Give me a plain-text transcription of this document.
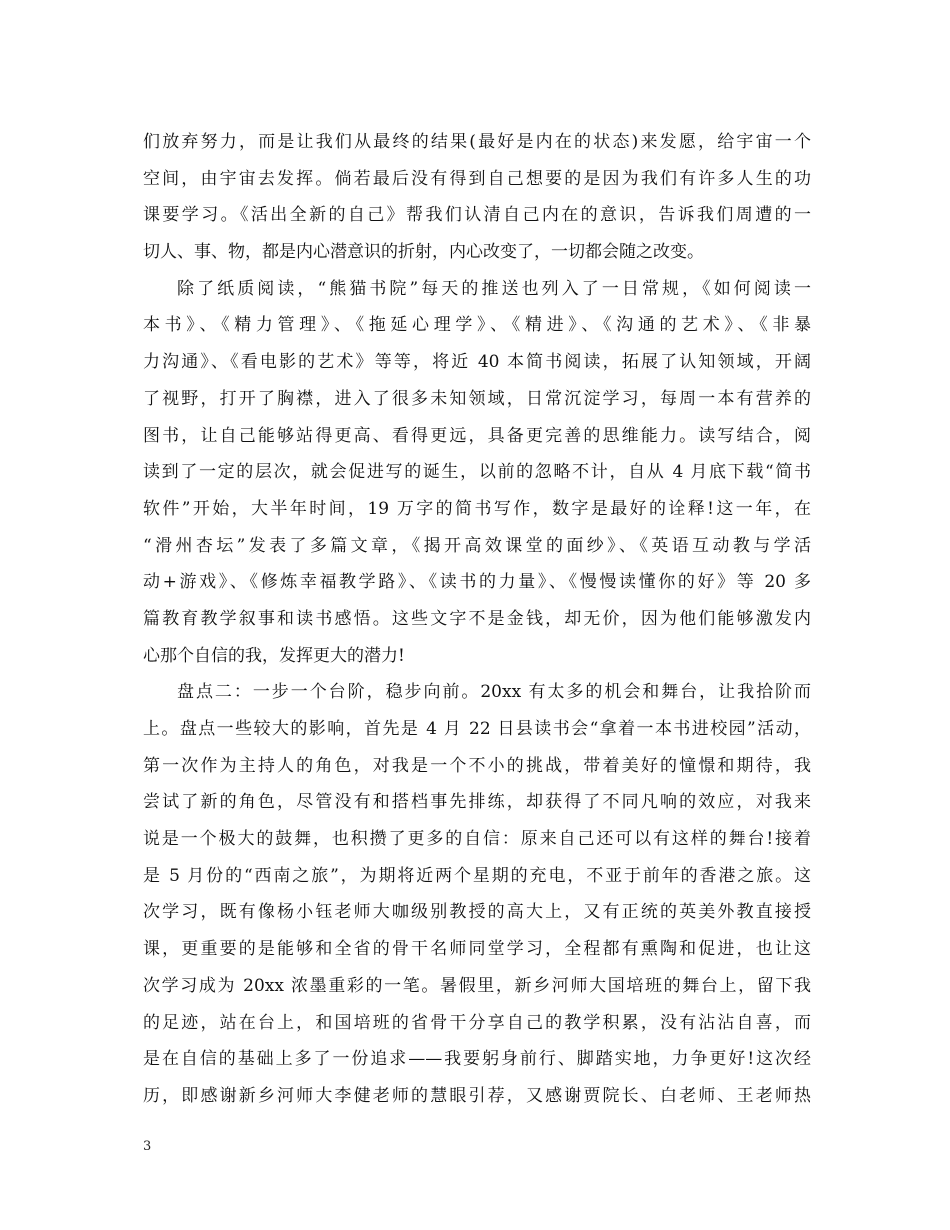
们放弃努力，而是让我们从最终的结果(最好是内在的状态)来发愿，给宇宙一个
空间，由宇宙去发挥。倘若最后没有得到自己想要的是因为我们有许多人生的功
课要学习。《活出全新的自己》帮我们认清自己内在的意识，告诉我们周遭的一
切人、事、物，都是内心潜意识的折射，内心改变了，一切都会随之改变。

除了纸质阅读，“熊猫书院”每天的推送也列入了一日常规，《如何阅读一
本书》、《精力管理》、《拖延心理学》、《精进》、《沟通的艺术》、《非暴
力沟通》、《看电影的艺术》等等，将近 40 本简书阅读，拓展了认知领域，开阔
了视野，打开了胸襟，进入了很多未知领域，日常沉淀学习，每周一本有营养的
图书，让自己能够站得更高、看得更远，具备更完善的思维能力。读写结合，阅
读到了一定的层次，就会促进写的诞生，以前的忽略不计，自从 4 月底下载“简书
软件”开始，大半年时间，19 万字的简书写作，数字是最好的诠释!这一年，在
“滑州杏坛”发表了多篇文章，《揭开高效课堂的面纱》、《英语互动教与学活
动+游戏》、《修炼幸福教学路》、《读书的力量》、《慢慢读懂你的好》等 20 多
篇教育教学叙事和读书感悟。这些文字不是金钱，却无价，因为他们能够激发内
心那个自信的我，发挥更大的潜力!

盘点二：一步一个台阶，稳步向前。20xx 有太多的机会和舞台，让我拾阶而
上。盘点一些较大的影响，首先是 4 月 22 日县读书会“拿着一本书进校园”活动，
第一次作为主持人的角色，对我是一个不小的挑战，带着美好的憧憬和期待，我
尝试了新的角色，尽管没有和搭档事先排练，却获得了不同凡响的效应，对我来
说是一个极大的鼓舞，也积攒了更多的自信：原来自己还可以有这样的舞台!接着
是 5 月份的“西南之旅”，为期将近两个星期的充电，不亚于前年的香港之旅。这
次学习，既有像杨小钰老师大咖级别教授的高大上，又有正统的英美外教直接授
课，更重要的是能够和全省的骨干名师同堂学习，全程都有熏陶和促进，也让这
次学习成为 20xx 浓墨重彩的一笔。暑假里，新乡河师大国培班的舞台上，留下我
的足迹，站在台上，和国培班的省骨干分享自己的教学积累，没有沾沾自喜，而
是在自信的基础上多了一份追求——我要躬身前行、脚踏实地，力争更好!这次经
历，即感谢新乡河师大李健老师的慧眼引荐，又感谢贾院长、白老师、王老师热

3
